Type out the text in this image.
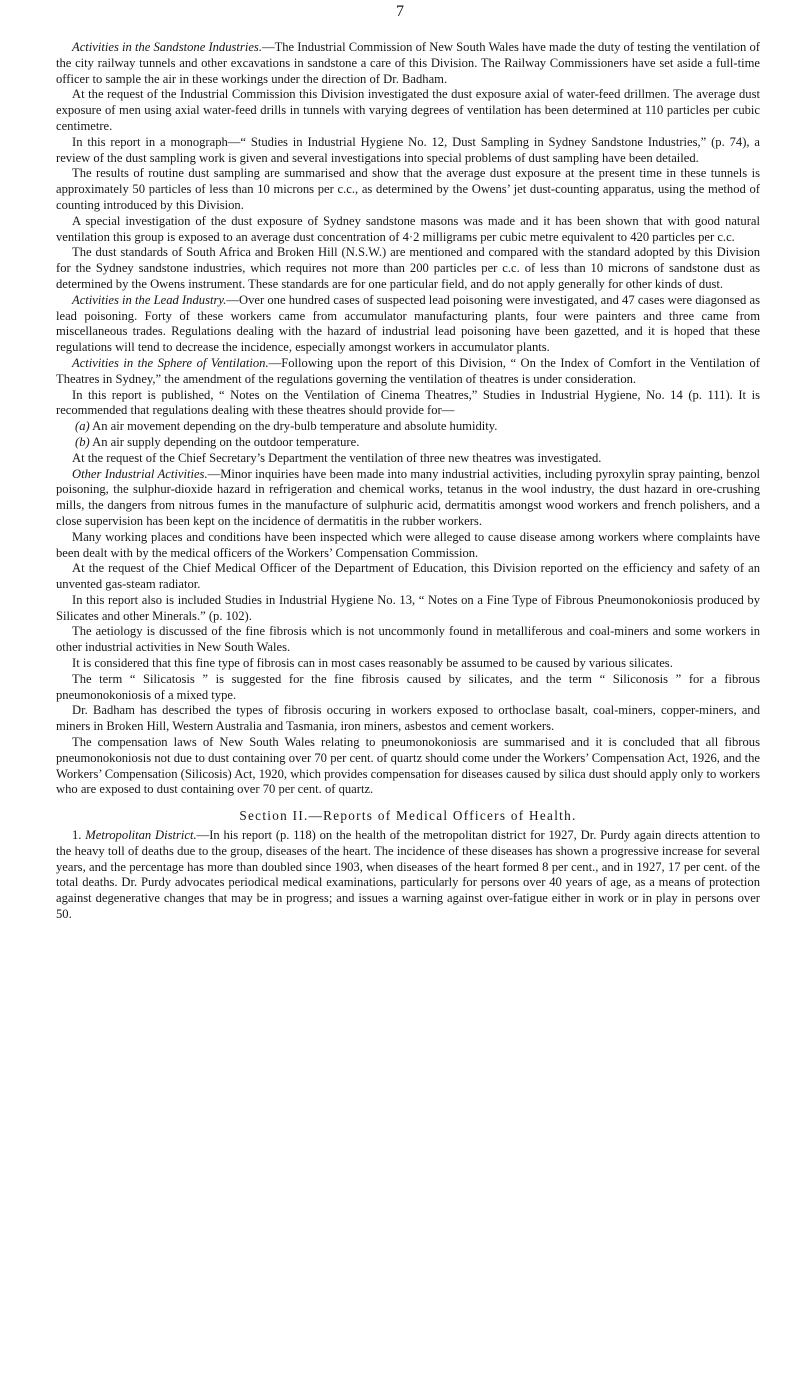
7

Activities in the Sandstone Industries.—The Industrial Commission of New South Wales have made the duty of testing the ventilation of the city railway tunnels and other excavations in sandstone a care of this Division. The Railway Commissioners have set aside a full-time officer to sample the air in these workings under the direction of Dr. Badham.

At the request of the Industrial Commission this Division investigated the dust exposure axial of water-feed drillmen. The average dust exposure of men using axial water-feed drills in tunnels with varying degrees of ventilation has been determined at 110 particles per cubic centimetre.

In this report in a monograph—“ Studies in Industrial Hygiene No. 12, Dust Sampling in Sydney Sandstone Industries,” (p. 74), a review of the dust sampling work is given and several investigations into special problems of dust sampling have been detailed.

The results of routine dust sampling are summarised and show that the average dust exposure at the present time in these tunnels is approximately 50 particles of less than 10 microns per c.c., as determined by the Owens’ jet dust-counting apparatus, using the method of counting introduced by this Division.

A special investigation of the dust exposure of Sydney sandstone masons was made and it has been shown that with good natural ventilation this group is exposed to an average dust concentration of 4·2 milligrams per cubic metre equivalent to 420 particles per c.c.

The dust standards of South Africa and Broken Hill (N.S.W.) are mentioned and compared with the standard adopted by this Division for the Sydney sandstone industries, which requires not more than 200 particles per c.c. of less than 10 microns of sandstone dust as determined by the Owens instrument. These standards are for one particular field, and do not apply generally for other kinds of dust.

Activities in the Lead Industry.—Over one hundred cases of suspected lead poisoning were investigated, and 47 cases were diagonsed as lead poisoning. Forty of these workers came from accumulator manufacturing plants, four were painters and three came from miscellaneous trades. Regulations dealing with the hazard of industrial lead poisoning have been gazetted, and it is hoped that these regulations will tend to decrease the incidence, especially amongst workers in accumulator plants.

Activities in the Sphere of Ventilation.—Following upon the report of this Division, “ On the Index of Comfort in the Ventilation of Theatres in Sydney,” the amendment of the regulations governing the ventilation of theatres is under consideration.

In this report is published, “ Notes on the Ventilation of Cinema Theatres,” Studies in Industrial Hygiene, No. 14 (p. 111). It is recommended that regulations dealing with these theatres should provide for—

(a) An air movement depending on the dry-bulb temperature and absolute humidity.

(b) An air supply depending on the outdoor temperature.

At the request of the Chief Secretary’s Department the ventilation of three new theatres was investigated.

Other Industrial Activities.—Minor inquiries have been made into many industrial activities, including pyroxylin spray painting, benzol poisoning, the sulphur-dioxide hazard in refrigeration and chemical works, tetanus in the wool industry, the dust hazard in ore-crushing mills, the dangers from nitrous fumes in the manufacture of sulphuric acid, dermatitis amongst wood workers and french polishers, and a close supervision has been kept on the incidence of dermatitis in the rubber workers.

Many working places and conditions have been inspected which were alleged to cause disease among workers where complaints have been dealt with by the medical officers of the Workers’ Compensation Commission.

At the request of the Chief Medical Officer of the Department of Education, this Division reported on the efficiency and safety of an unvented gas-steam radiator.

In this report also is included Studies in Industrial Hygiene No. 13, “ Notes on a Fine Type of Fibrous Pneumonokoniosis produced by Silicates and other Minerals.” (p. 102).

The aetiology is discussed of the fine fibrosis which is not uncommonly found in metalliferous and coal-miners and some workers in other industrial activities in New South Wales.

It is considered that this fine type of fibrosis can in most cases reasonably be assumed to be caused by various silicates.

The term “ Silicatosis ” is suggested for the fine fibrosis caused by silicates, and the term “ Siliconosis ” for a fibrous pneumonokoniosis of a mixed type.

Dr. Badham has described the types of fibrosis occuring in workers exposed to orthoclase basalt, coal-miners, copper-miners, and miners in Broken Hill, Western Australia and Tasmania, iron miners, asbestos and cement workers.

The compensation laws of New South Wales relating to pneumonokoniosis are summarised and it is concluded that all fibrous pneumonokoniosis not due to dust containing over 70 per cent. of quartz should come under the Workers’ Compensation Act, 1926, and the Workers’ Compensation (Silicosis) Act, 1920, which provides compensation for diseases caused by silica dust should apply only to workers who are exposed to dust containing over 70 per cent. of quartz.

Section II.—Reports of Medical Officers of Health.

1. Metropolitan District.—In his report (p. 118) on the health of the metropolitan district for 1927, Dr. Purdy again directs attention to the heavy toll of deaths due to the group, diseases of the heart. The incidence of these diseases has shown a progressive increase for several years, and the percentage has more than doubled since 1903, when diseases of the heart formed 8 per cent., and in 1927, 17 per cent. of the total deaths. Dr. Purdy advocates periodical medical examinations, particularly for persons over 40 years of age, as a means of protection against degenerative changes that may be in progress; and issues a warning against over-fatigue either in work or in play in persons over 50.
